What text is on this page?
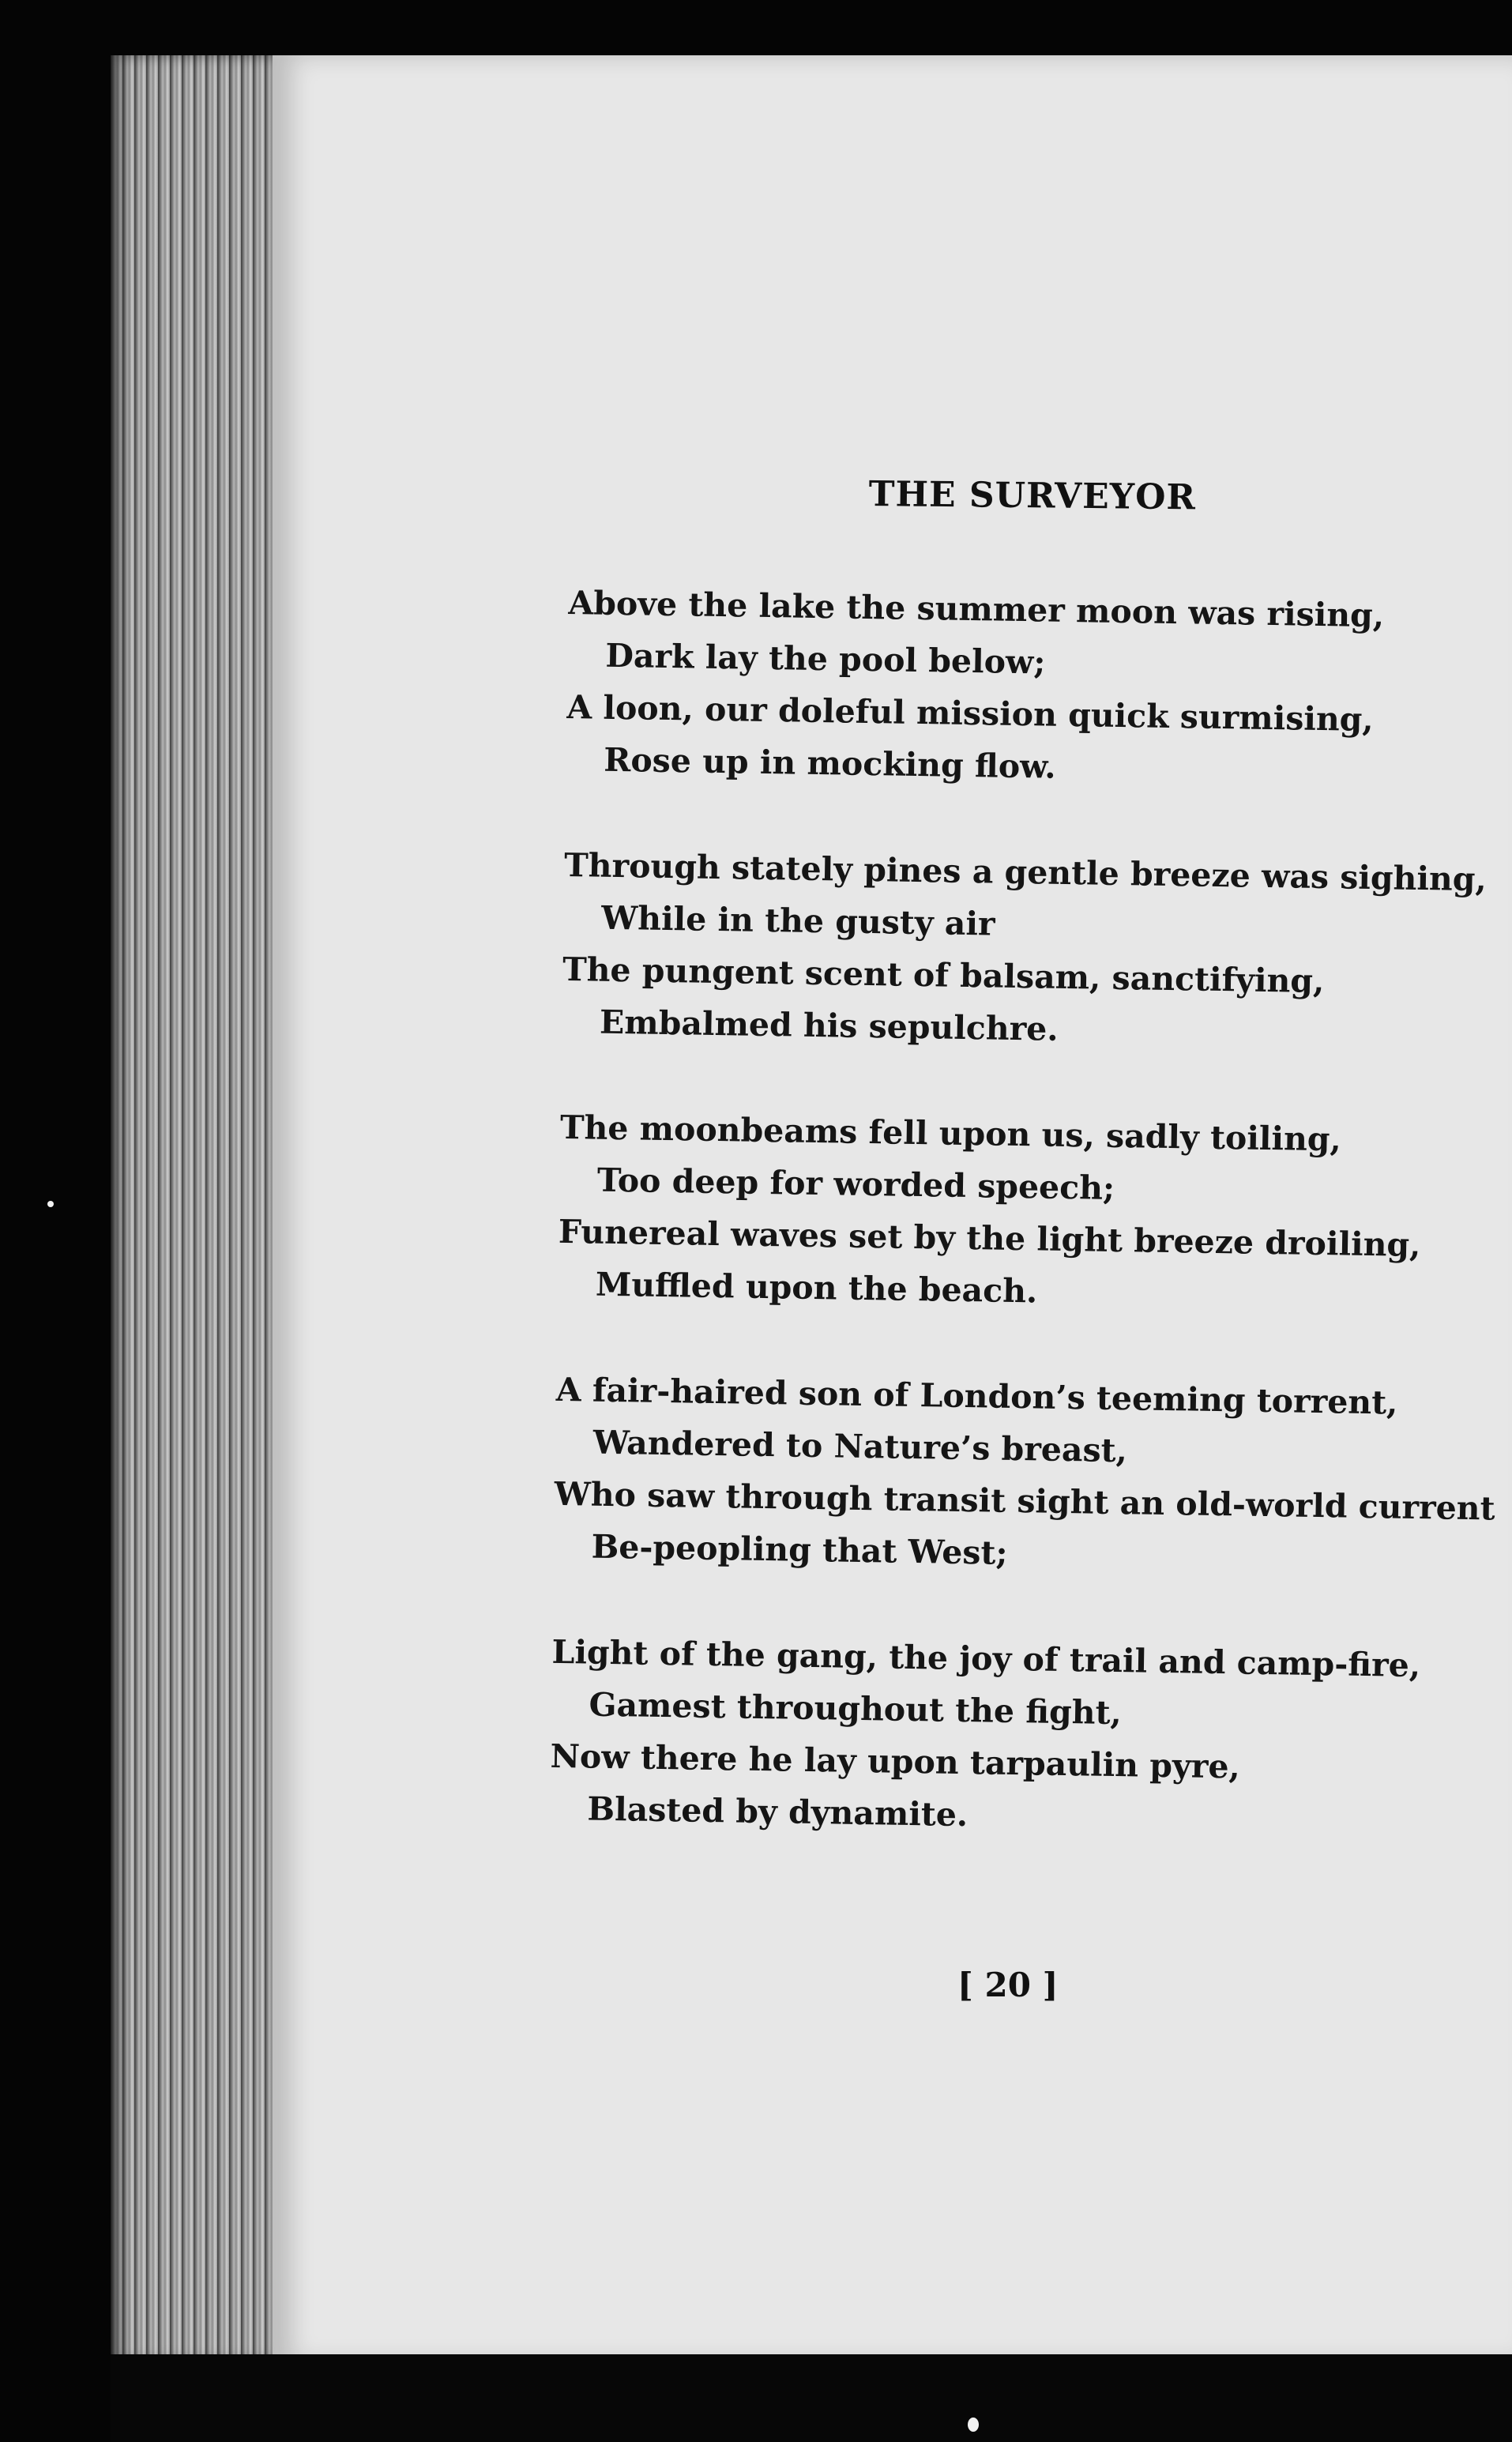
THE SURVEYOR
Above the lake the summer moon was rising,
Dark lay the pool below;
A loon, our doleful mission quick surmising,
Rose up in mocking flow.
Through stately pines a gentle breeze was sighing,
While in the gusty air
The pungent scent of balsam, sanctifying,
Embalmed his sepulchre.
The moonbeams fell upon us, sadly toiling,
Too deep for worded speech;
Funereal waves set by the light breeze droiling,
Muffled upon the beach.
A fair-haired son of London’s teeming torrent,
Wandered to Nature’s breast,
Who saw through transit sight an old-world current
Be-peopling that West;
Light of the gang, the joy of trail and camp-fire,
Gamest throughout the fight,
Now there he lay upon tarpaulin pyre,
Blasted by dynamite.
[ 20 ]
